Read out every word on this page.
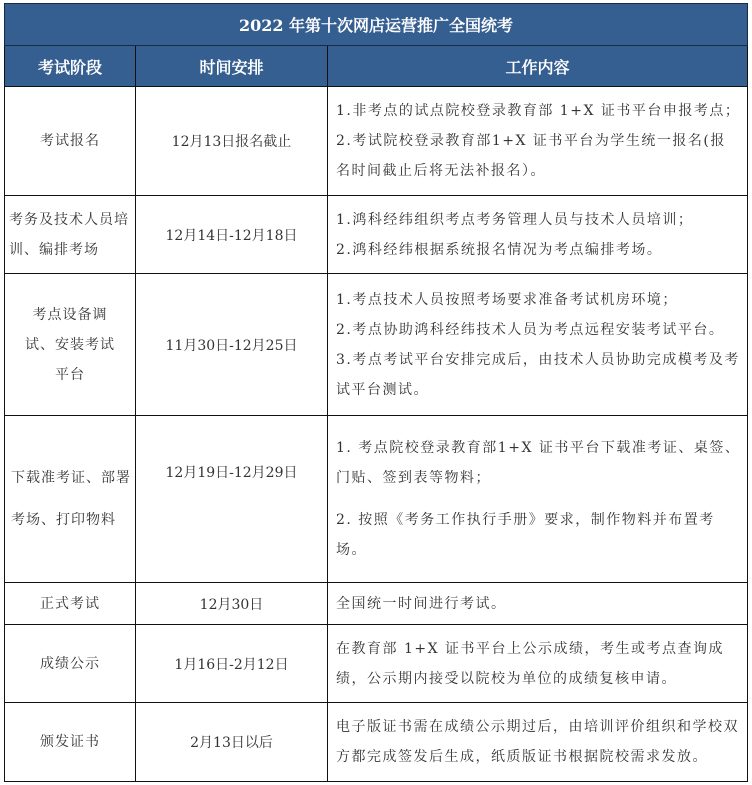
2022 年第十次网店运营推广全国统考		
考试阶段	时间安排	工作内容
考试报名	12月13日报名截止	1.非考点的试点院校登录教育部 1+X 证书平台申报考点；

2.考试院校登录教育部1+X 证书平台为学生统一报名(报名时间截止后将无法补报名）。

考务及技术人员培训、编排考场	12月14日-12月18日	1.鸿科经纬组织考点考务管理人员与技术人员培训；

2.鸿科经纬根据系统报名情况为考点编排考场。

考点设备调试、安装考试平台	11月30日-12月25日	1.考点技术人员按照考场要求准备考试机房环境；

2.考点协助鸿科经纬技术人员为考点远程安装考试平台。

3.考点考试平台安排完成后，由技术人员协助完成模考及考试平台测试。

下载准考证、部署考场、打印物料	12月19日-12月29日	1. 考点院校登录教育部1+X 证书平台下载准考证、桌签、门贴、签到表等物料；

2. 按照《考务工作执行手册》要求，制作物料并布置考场。

正式考试	12月30日	全国统一时间进行考试。

成绩公示	1月16日-2月12日	在教育部 1+X 证书平台上公示成绩，考生或考点查询成绩，公示期内接受以院校为单位的成绩复核申请。

颁发证书	2月13日以后	电子版证书需在成绩公示期过后，由培训评价组织和学校双方都完成签发后生成，纸质版证书根据院校需求发放。
